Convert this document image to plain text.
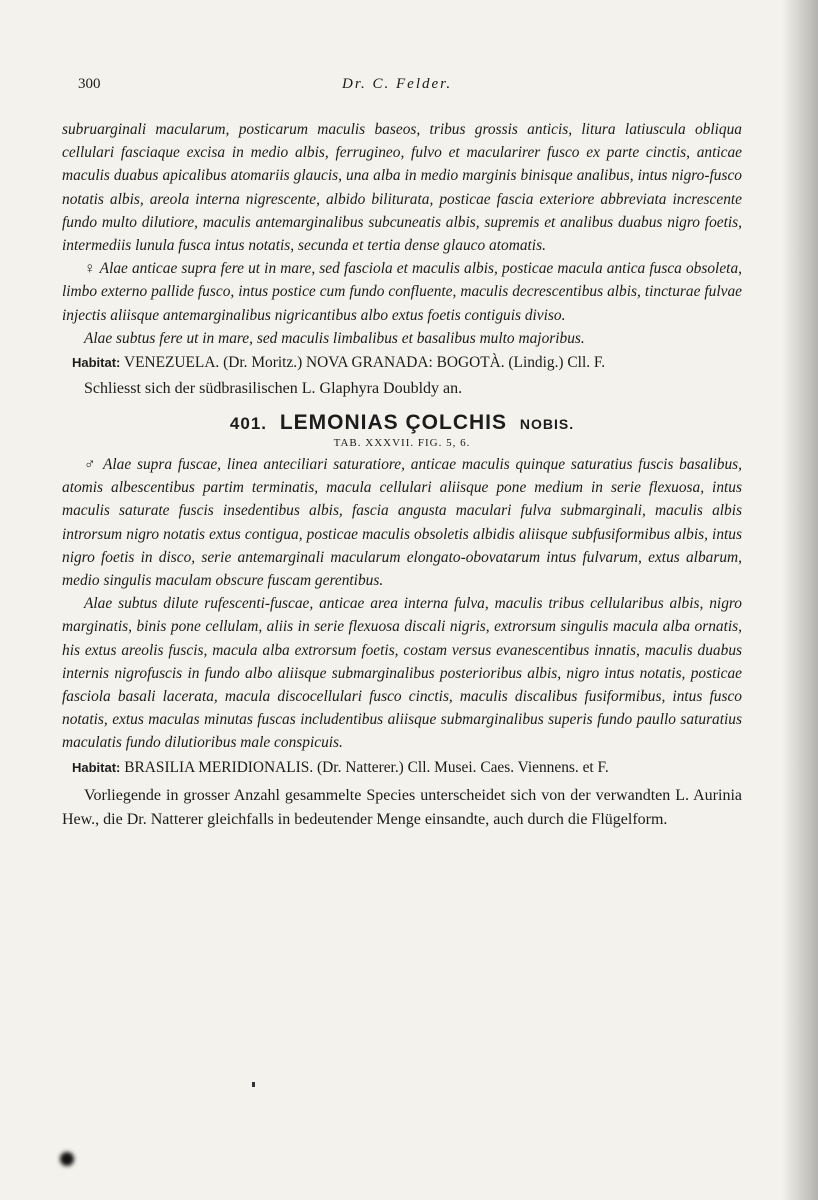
300	Dr. C. Felder.

subruarginali macularum, posticarum maculis baseos, tribus grossis anticis, litura latiuscula obliqua cellulari fasciaque excisa in medio albis, ferrugineo, fulvo et macularirer fusco ex parte cinctis, anticae maculis duabus apicalibus atomariis glaucis, una alba in medio marginis binisque analibus, intus nigro-fusco notatis albis, areola interna nigrescente, albido biliturata, posticae fascia exteriore abbreviata increscente fundo multo dilutiore, maculis antemarginalibus subcuneatis albis, supremis et analibus duabus nigro foetis, intermediis lunula fusca intus notatis, secunda et tertia dense glauco atomatis.

♀ Alae anticae supra fere ut in mare, sed fasciola et maculis albis, posticae macula antica fusca obsoleta, limbo externo pallide fusco, intus postice cum fundo confluente, maculis decrescentibus albis, tincturae fulvae injectis aliisque antemarginalibus nigricantibus albo extus foetis contiguis diviso.

Alae subtus fere ut in mare, sed maculis limbalibus et basalibus multo majoribus.

Habitat: VENEZUELA. (Dr. Moritz.) NOVA GRANADA: BOGOTÀ. (Lindig.) Cll. F.

Schliesst sich der südbrasilischen L. Glaphyra Doubldy an.

401. LEMONIAS ÇOLCHIS NOBIS.
TAB. XXXVII. FIG. 5, 6.

♂ Alae supra fuscae, linea anteciliari saturatiore, anticae maculis quinque saturatius fuscis basalibus, atomis albescentibus partim terminatis, macula cellulari aliisque pone medium in serie flexuosa, intus maculis saturate fuscis insedentibus albis, fascia angusta maculari fulva submarginali, maculis albis introrsum nigro notatis extus contigua, posticae maculis obsoletis albidis aliisque subfusiformibus albis, intus nigro foetis in disco, serie antemarginali macularum elongato-obovatarum intus fulvarum, extus albarum, medio singulis maculam obscure fuscam gerentibus.

Alae subtus dilute rufescenti-fuscae, anticae area interna fulva, maculis tribus cellularibus albis, nigro marginatis, binis pone cellulam, aliis in serie flexuosa discali nigris, extrorsum singulis macula alba ornatis, his extus areolis fuscis, macula alba extrorsum foetis, costam versus evanescentibus innatis, maculis duabus internis nigrofuscis in fundo albo aliisque submarginalibus posterioribus albis, nigro intus notatis, posticae fasciola basali lacerata, macula discocellulari fusco cinctis, maculis discalibus fusiformibus, intus fusco notatis, extus maculas minutas fuscas includentibus aliisque submarginalibus superis fundo paullo saturatius maculatis fundo dilutioribus male conspicuis.

Habitat: BRASILIA MERIDIONALIS. (Dr. Natterer.) Cll. Musei. Caes. Viennens. et F.

Vorliegende in grosser Anzahl gesammelte Species unterscheidet sich von der verwandten L. Aurinia Hew., die Dr. Natterer gleichfalls in bedeutender Menge einsandte, auch durch die Flügelform.
